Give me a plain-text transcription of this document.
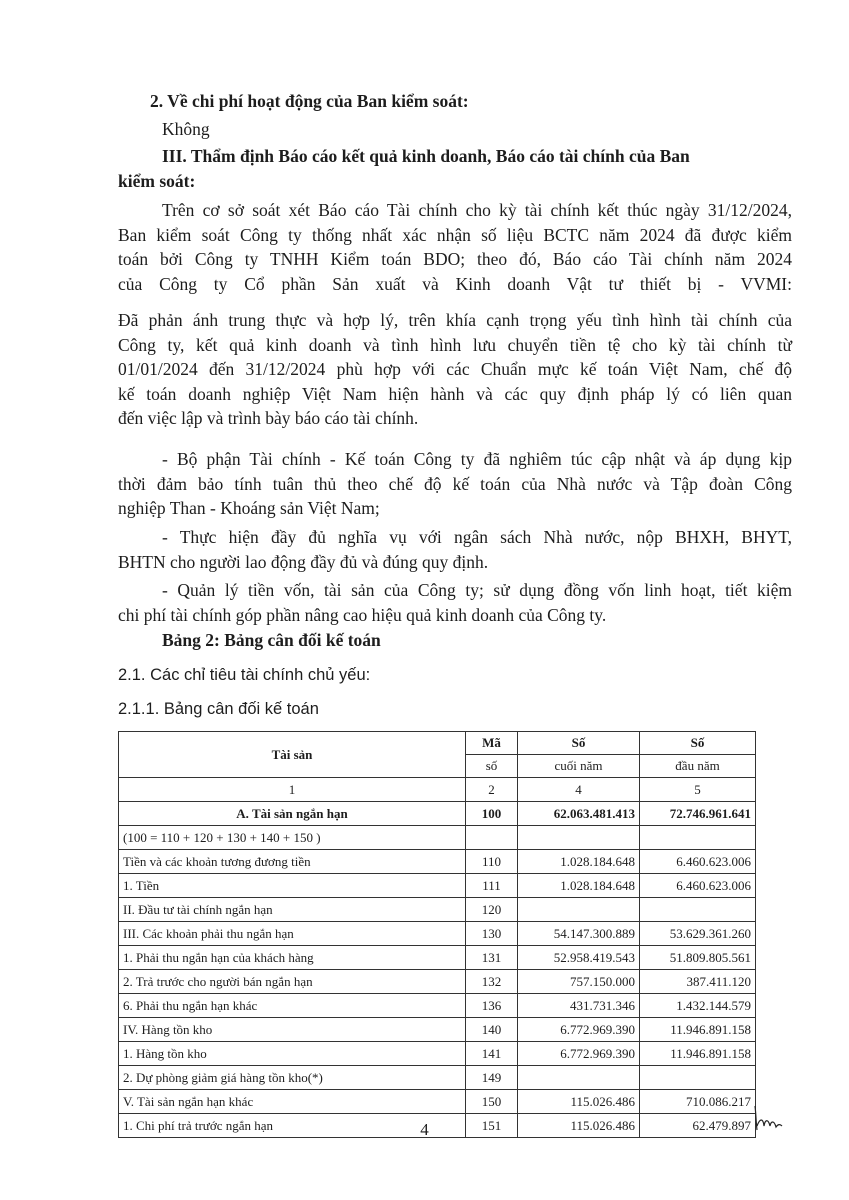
2. Về chi phí hoạt động của Ban kiểm soát:

Không

III. Thẩm định Báo cáo kết quả kinh doanh, Báo cáo tài chính của Ban
kiểm soát:
Trên cơ sở soát xét Báo cáo Tài chính cho kỳ tài chính kết thúc ngày 31/12/2024,
Ban kiểm soát Công ty thống nhất xác nhận số liệu BCTC năm 2024 đã được kiểm
toán bởi Công ty TNHH Kiểm toán BDO; theo đó, Báo cáo Tài chính năm 2024
của Công ty Cổ phần Sản xuất và Kinh doanh Vật tư thiết bị - VVMI:
Đã phản ánh trung thực và hợp lý, trên khía cạnh trọng yếu tình hình tài chính của
Công ty, kết quả kinh doanh và tình hình lưu chuyển tiền tệ cho kỳ tài chính từ
01/01/2024 đến 31/12/2024 phù hợp với các Chuẩn mực kế toán Việt Nam, chế độ
kế toán doanh nghiệp Việt Nam hiện hành và các quy định pháp lý có liên quan
đến việc lập và trình bày báo cáo tài chính.
- Bộ phận Tài chính - Kế toán Công ty đã nghiêm túc cập nhật và áp dụng kịp
thời đảm bảo tính tuân thủ theo chế độ kế toán của Nhà nước và Tập đoàn Công
nghiệp Than - Khoáng sản Việt Nam;
- Thực hiện đầy đủ nghĩa vụ với ngân sách Nhà nước, nộp BHXH, BHYT,
BHTN cho người lao động đầy đủ và đúng quy định.
- Quản lý tiền vốn, tài sản của Công ty; sử dụng đồng vốn linh hoạt, tiết kiệm
chi phí tài chính góp phần nâng cao hiệu quả kinh doanh của Công ty.

Bảng 2: Bảng cân đối kế toán

2.1. Các chỉ tiêu tài chính chủ yếu:

2.1.1. Bảng cân đối kế toán

Tài sản	Mã	Số	Số
	số	cuối năm	đầu năm
1	2	4	5
A. Tài sản ngắn hạn	100	62.063.481.413	72.746.961.641
(100 = 110 + 120 + 130 + 140 + 150 )			
Tiền và các khoản tương đương tiền	110	1.028.184.648	6.460.623.006
1. Tiền	111	1.028.184.648	6.460.623.006
II. Đầu tư tài chính ngắn hạn	120		
III. Các khoản phải thu ngắn hạn	130	54.147.300.889	53.629.361.260
1. Phải thu ngắn hạn của khách hàng	131	52.958.419.543	51.809.805.561
2. Trả trước cho người bán ngắn hạn	132	757.150.000	387.411.120
6. Phải thu ngắn hạn khác	136	431.731.346	1.432.144.579
IV. Hàng tồn kho	140	6.772.969.390	11.946.891.158
1. Hàng tồn kho	141	6.772.969.390	11.946.891.158
2. Dự phòng giảm giá hàng tồn kho(*)	149		
V. Tài sản ngắn hạn khác	150	115.026.486	710.086.217
1. Chi phí trả trước ngắn hạn	151	115.026.486	62.479.897
4
